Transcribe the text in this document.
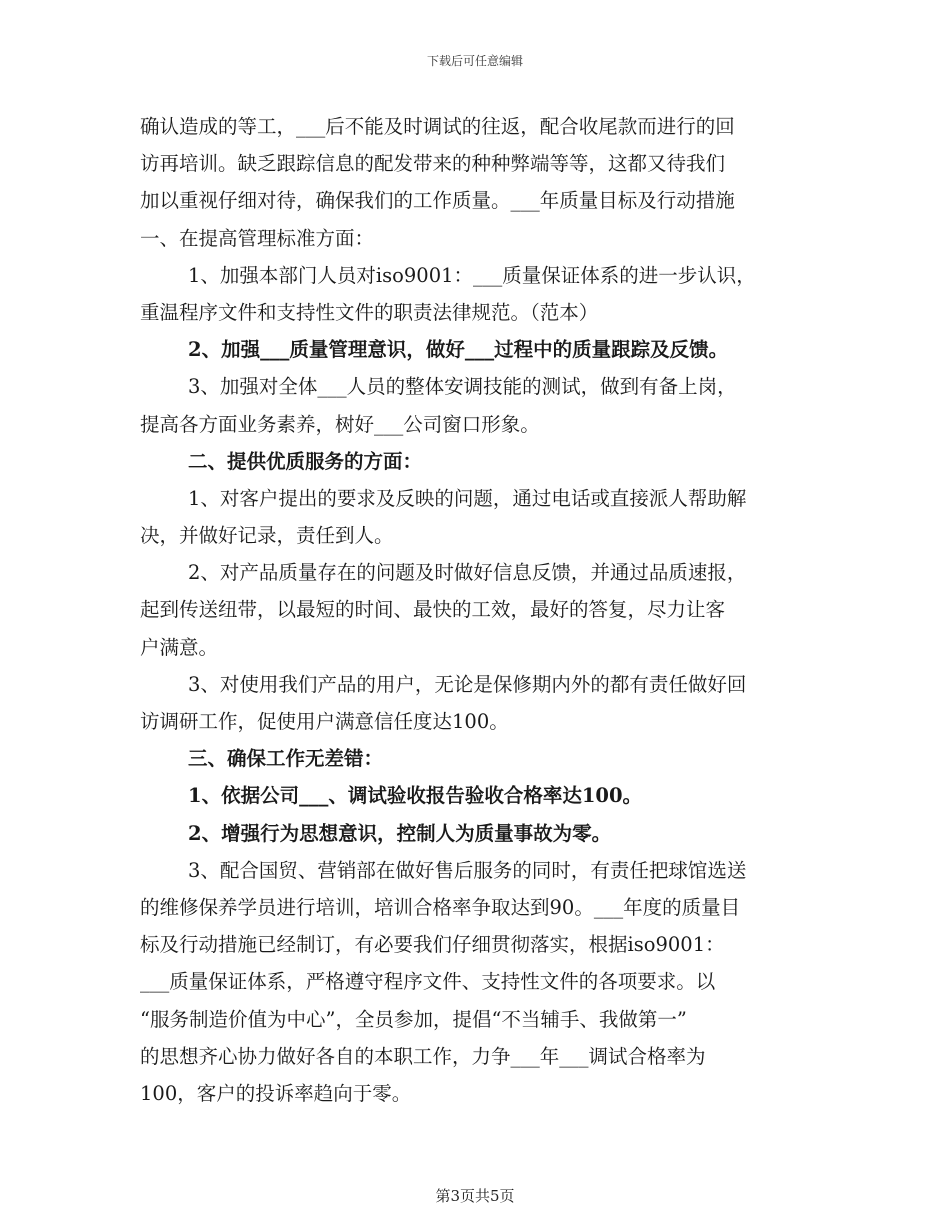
下载后可任意编辑
确认造成的等工，___后不能及时调试的往返，配合收尾款而进行的回
访再培训。缺乏跟踪信息的配发带来的种种弊端等等，这都又待我们
加以重视仔细对待，确保我们的工作质量。___年质量目标及行动措施
一、在提高管理标准方面：
1、加强本部门人员对iso9001：___质量保证体系的进一步认识，
重温程序文件和支持性文件的职责法律规范。（范本）
2、加强___质量管理意识，做好___过程中的质量跟踪及反馈。
3、加强对全体___人员的整体安调技能的测试，做到有备上岗，
提高各方面业务素养，树好___公司窗口形象。
二、提供优质服务的方面：
1、对客户提出的要求及反映的问题，通过电话或直接派人帮助解
决，并做好记录，责任到人。
2、对产品质量存在的问题及时做好信息反馈，并通过品质速报，
起到传送纽带，以最短的时间、最快的工效，最好的答复，尽力让客
户满意。
3、对使用我们产品的用户，无论是保修期内外的都有责任做好回
访调研工作，促使用户满意信任度达100。
三、确保工作无差错：
1、依据公司___、调试验收报告验收合格率达100。
2、增强行为思想意识，控制人为质量事故为零。
3、配合国贸、营销部在做好售后服务的同时，有责任把球馆选送
的维修保养学员进行培训，培训合格率争取达到90。___年度的质量目
标及行动措施已经制订，有必要我们仔细贯彻落实，根据iso9001：
___质量保证体系，严格遵守程序文件、支持性文件的各项要求。以
“服务制造价值为中心”，全员参加，提倡“不当辅手、我做第一”
的思想齐心协力做好各自的本职工作，力争___年___调试合格率为
100，客户的投诉率趋向于零。
第3页共5页
